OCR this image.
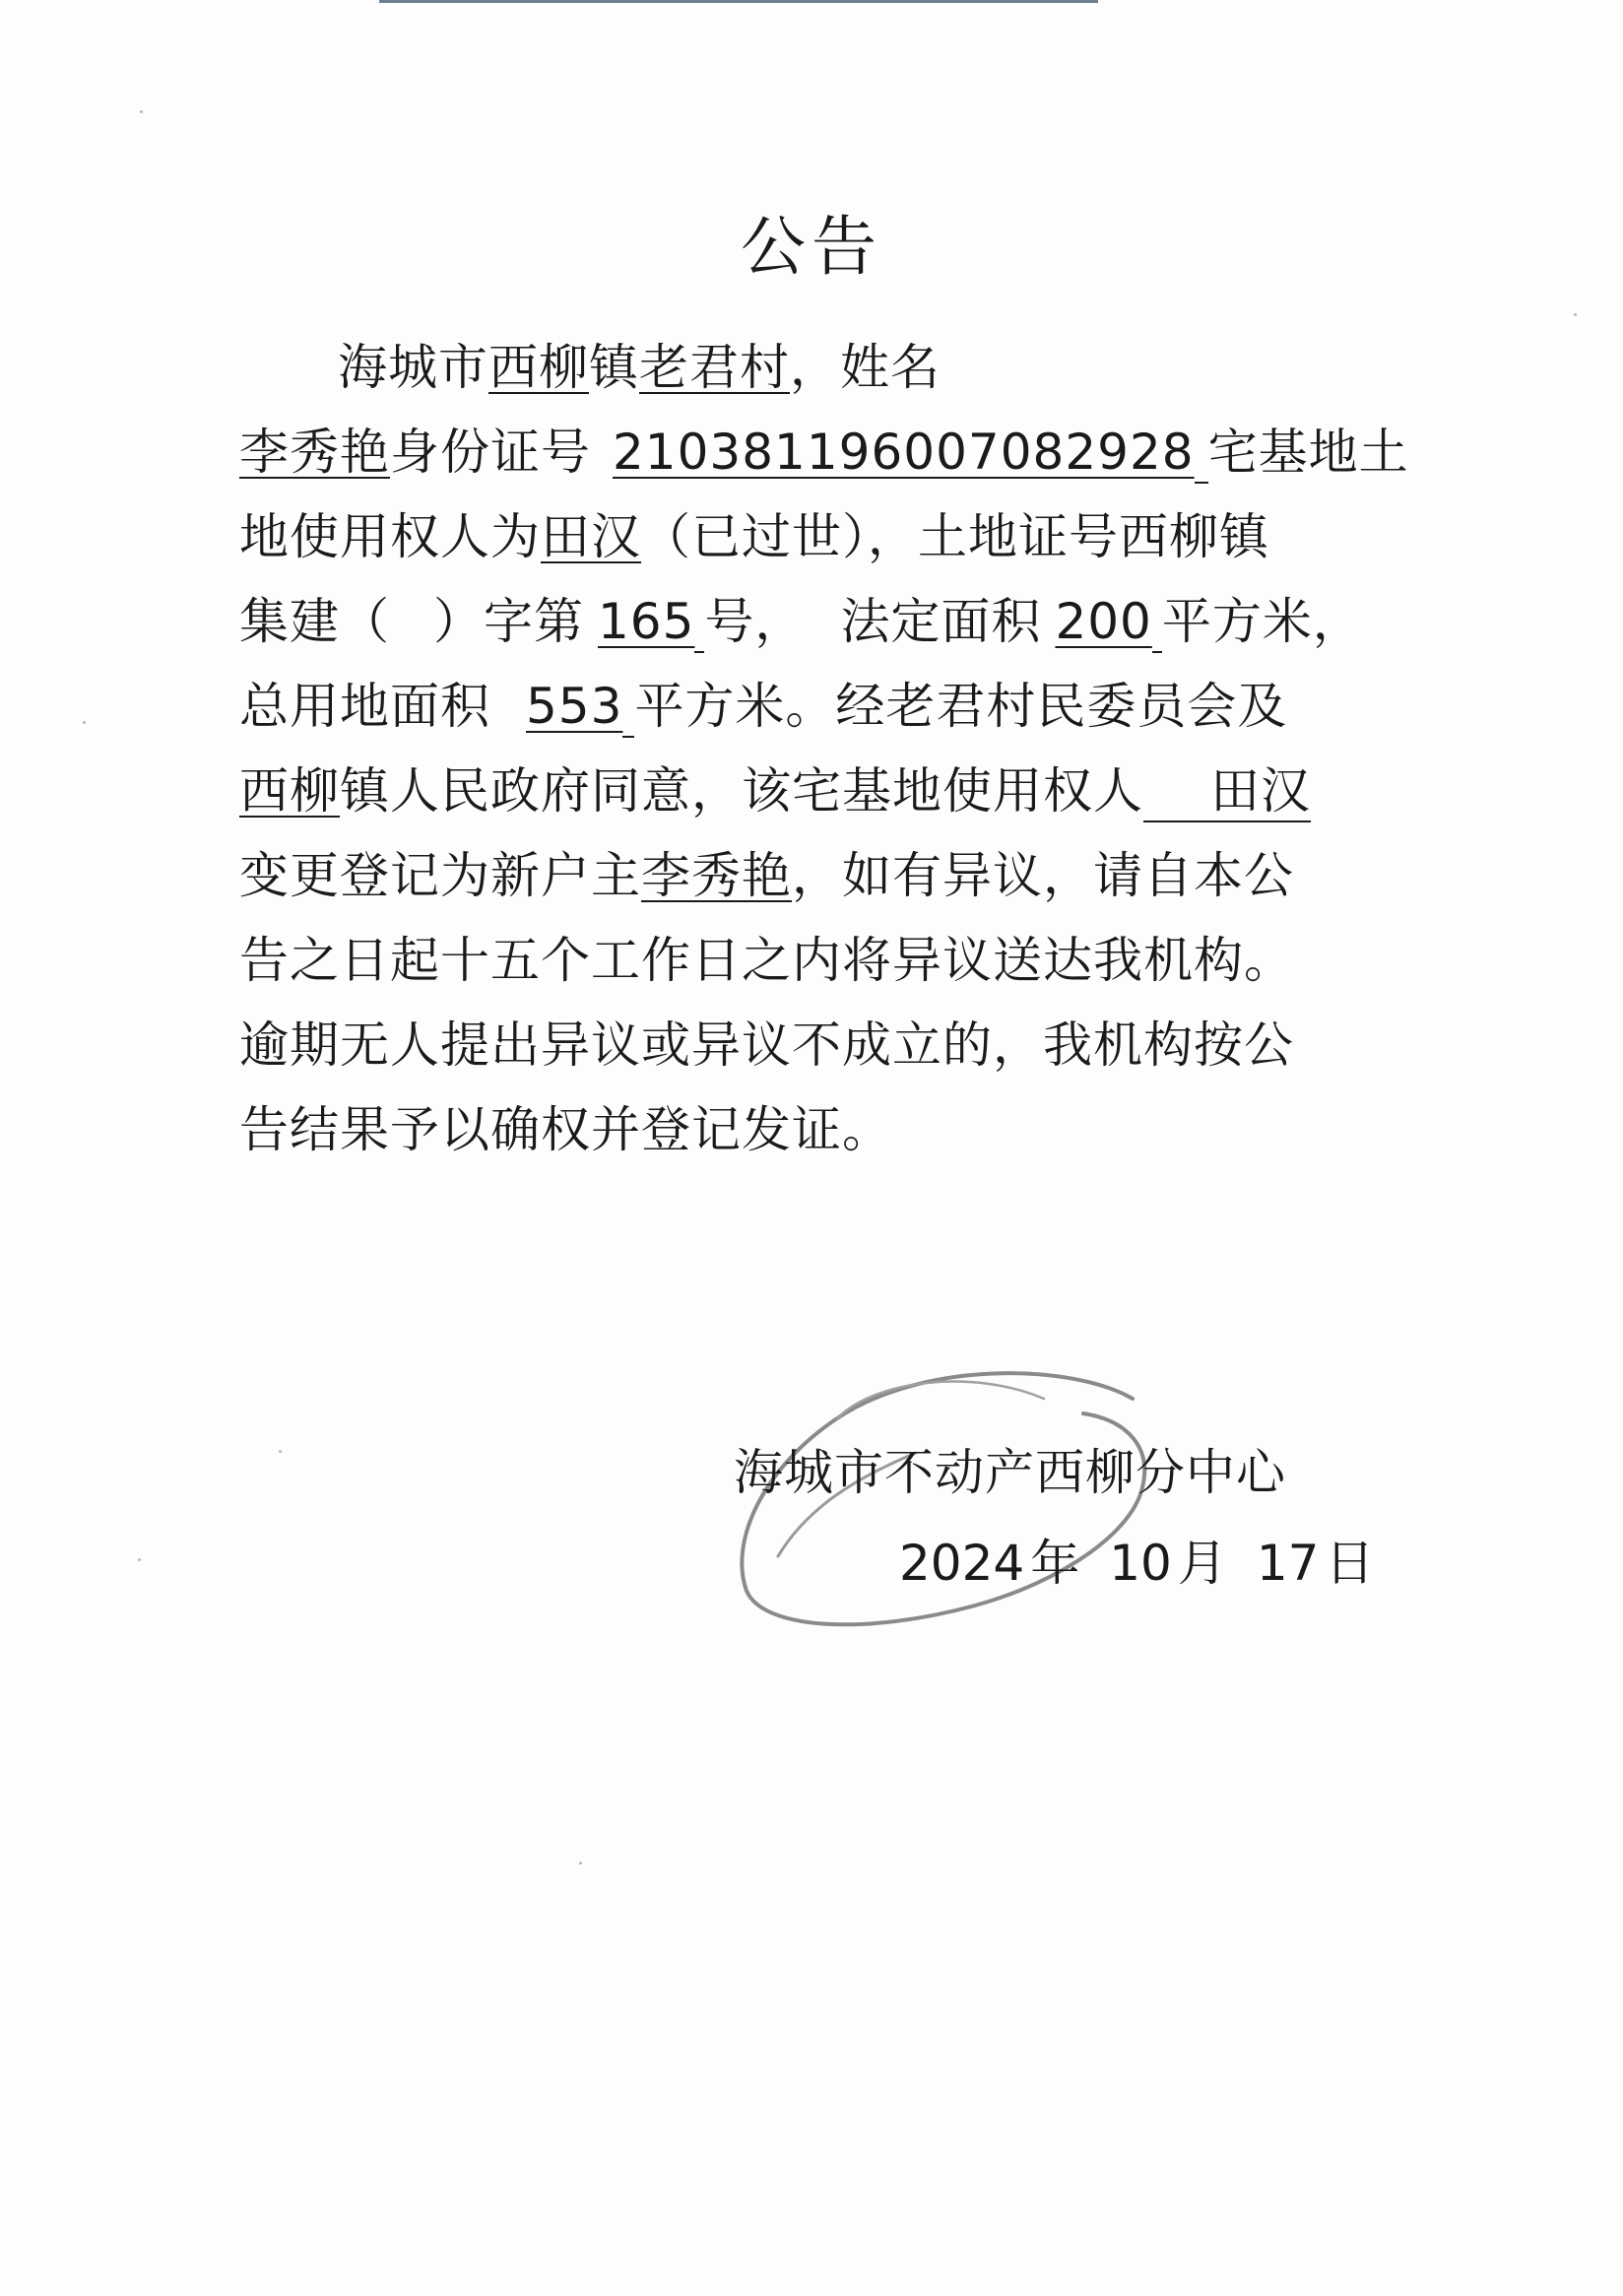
公告
海城市西柳镇老君村，姓名
李秀艳身份证号 210381196007082928 宅基地土
地使用权人为田汉（已过世），土地证号西柳镇
集建（ ）字第 165 号， 法定面积 200 平方米，
总用地面积 553 平方米。经老君村民委员会及
西柳镇人民政府同意，该宅基地使用权人 田汉
变更登记为新户主李秀艳，如有异议，请自本公
告之日起十五个工作日之内将异议送达我机构。
逾期无人提出异议或异议不成立的，我机构按公
告结果予以确权并登记发证。
海城市不动产西柳分中心
2024 年 10 月 17 日
